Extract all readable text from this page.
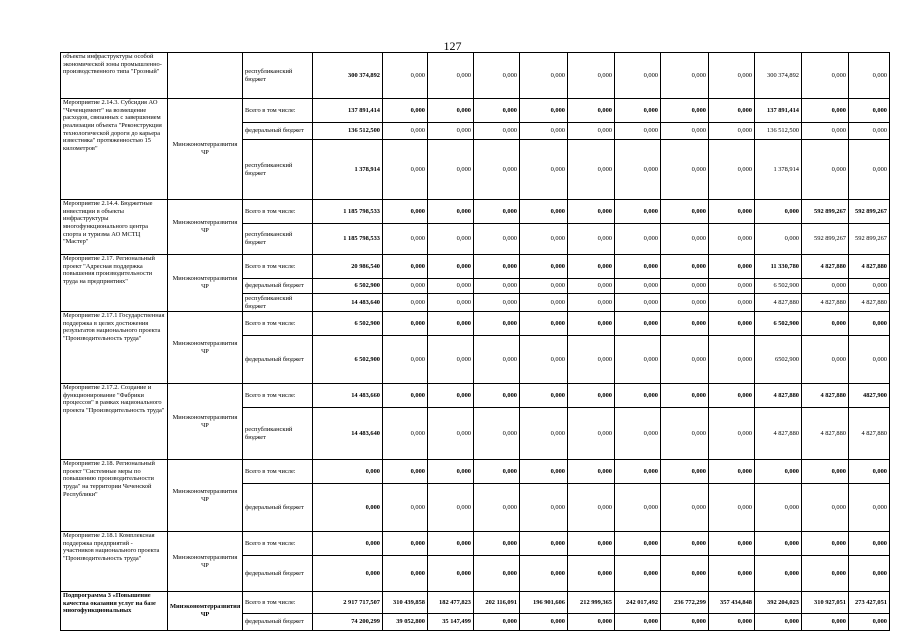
127
объекты инфраструктуры особой экономической зоны промышленно-производственного типа "Грозный"		республиканский бюджет	300 374,892	0,000	0,000	0,000	0,000	0,000	0,000	0,000	0,000	300 374,892	0,000	0,000
Мероприятие 2.14.3. Субсидия АО "Чеченцемент" на возмещение расходов, связанных с завершением реализации объекта "Реконструкция технологической дороги до карьера известняка" протяженностью 15 километров"	Минэкономтерразвития ЧР	Всего в том числе:	137 891,414	0,000	0,000	0,000	0,000	0,000	0,000	0,000	0,000	137 891,414	0,000	0,000
		федеральный бюджет	136 512,500	0,000	0,000	0,000	0,000	0,000	0,000	0,000	0,000	136 512,500	0,000	0,000
		республиканский бюджет	1 378,914	0,000	0,000	0,000	0,000	0,000	0,000	0,000	0,000	1 378,914	0,000	0,000
Мероприятие 2.14.4. Бюджетные инвестиции в объекты инфраструктуры многофункционального центра спорта и туризма АО МСТЦ "Мастер"	Минэкономтерразвития ЧР	Всего в том числе:	1 185 798,533	0,000	0,000	0,000	0,000	0,000	0,000	0,000	0,000	0,000	592 899,267	592 899,267
		республиканский бюджет	1 185 798,533	0,000	0,000	0,000	0,000	0,000	0,000	0,000	0,000	0,000	592 899,267	592 899,267
Мероприятие 2.17. Региональный проект "Адресная поддержка повышения производительности труда на предприятиях"	Минэкономтерразвития ЧР	Всего в том числе:	20 986,540	0,000	0,000	0,000	0,000	0,000	0,000	0,000	0,000	11 330,780	4 827,880	4 827,880
		федеральный бюджет	6 502,900	0,000	0,000	0,000	0,000	0,000	0,000	0,000	0,000	6 502,900	0,000	0,000
		республиканский бюджет	14 483,640	0,000	0,000	0,000	0,000	0,000	0,000	0,000	0,000	4 827,880	4 827,880	4 827,880
Мероприятие 2.17.1 Государственная поддержка в целях достижения результатов национального проекта "Производительность труда"	Минэкономтерразвития ЧР	Всего в том числе:	6 502,900	0,000	0,000	0,000	0,000	0,000	0,000	0,000	0,000	6 502,900	0,000	0,000
		федеральный бюджет	6 502,900	0,000	0,000	0,000	0,000	0,000	0,000	0,000	0,000	6502,900	0,000	0,000
Мероприятие 2.17.2. Создание и функционирование "Фабрики процессов" в рамках национального проекта "Производительность труда"	Минэкономтерразвития ЧР	Всего в том числе:	14 483,660	0,000	0,000	0,000	0,000	0,000	0,000	0,000	0,000	4 827,880	4 827,880	4827,900
		республиканский бюджет	14 483,640	0,000	0,000	0,000	0,000	0,000	0,000	0,000	0,000	4 827,880	4 827,880	4 827,880
Мероприятие 2.18. Региональный проект "Системные меры по повышению производительности труда" на территории Чеченской Республики"	Минэкономтерразвития ЧР	Всего в том числе:	0,000	0,000	0,000	0,000	0,000	0,000	0,000	0,000	0,000	0,000	0,000	0,000
		федеральный бюджет	0,000	0,000	0,000	0,000	0,000	0,000	0,000	0,000	0,000	0,000	0,000	0,000
Мероприятие 2.18.1 Комплексная поддержка предприятий - участников национального проекта "Производительность труда"	Минэкономтерразвития ЧР	Всего в том числе:	0,000	0,000	0,000	0,000	0,000	0,000	0,000	0,000	0,000	0,000	0,000	0,000
		федеральный бюджет	0,000	0,000	0,000	0,000	0,000	0,000	0,000	0,000	0,000	0,000	0,000	0,000
Подпрограмма 3 «Повышение качества оказания услуг на базе многофункциональных	Минэкономтерразвития ЧР	Всего в том числе:	2 917 717,507	310 439,858	182 477,823	202 116,091	196 901,606	212 999,365	242 017,492	236 772,299	357 434,848	392 204,023	310 927,051	273 427,051
		федеральный бюджет	74 200,299	39 052,800	35 147,499	0,000	0,000	0,000	0,000	0,000	0,000	0,000	0,000	0,000
